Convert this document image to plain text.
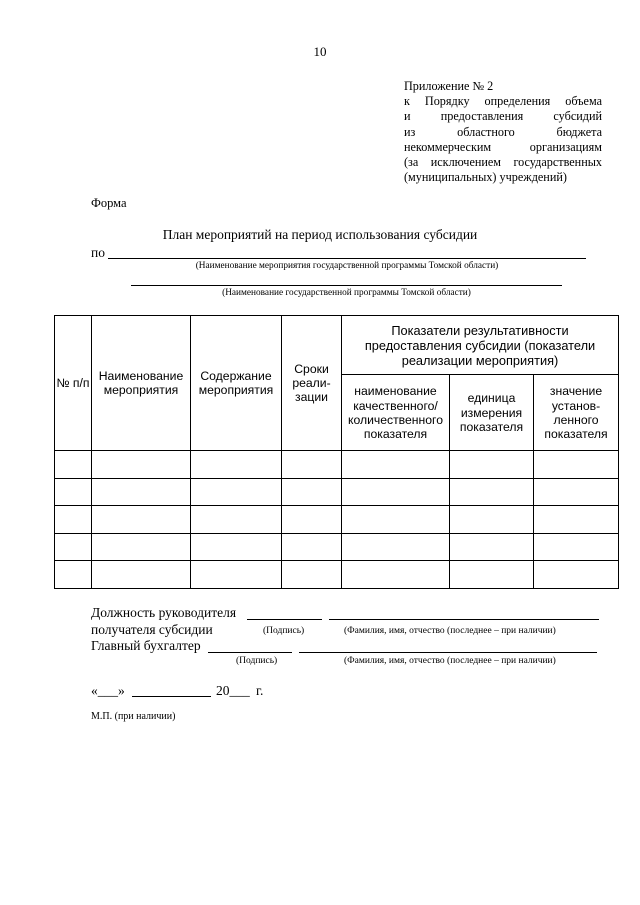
10
Приложение № 2
к Порядку определения объема
и предоставления субсидий
из областного бюджета
некоммерческим организациям
(за исключением государственных
(муниципальных) учреждений)
Форма
План мероприятий на период использования субсидии
по
(Наименование мероприятия государственной программы Томской области)
(Наименование государственной программы Томской области)
№ п/п	Наименование мероприятия	Содержание мероприятия	Сроки реали-зации	Показатели результативности предоставления субсидии (показатели реализации мероприятия)		
				наименование качественного/ количественного показателя	единица измерения показателя	значение установ-ленного показателя

Должность руководителя
получателя субсидии	(Подпись)	(Фамилия, имя, отчество (последнее – при наличии)
Главный бухгалтер
(Подпись)	(Фамилия, имя, отчество (последнее – при наличии)
«___»	20___ г.
М.П. (при наличии)
